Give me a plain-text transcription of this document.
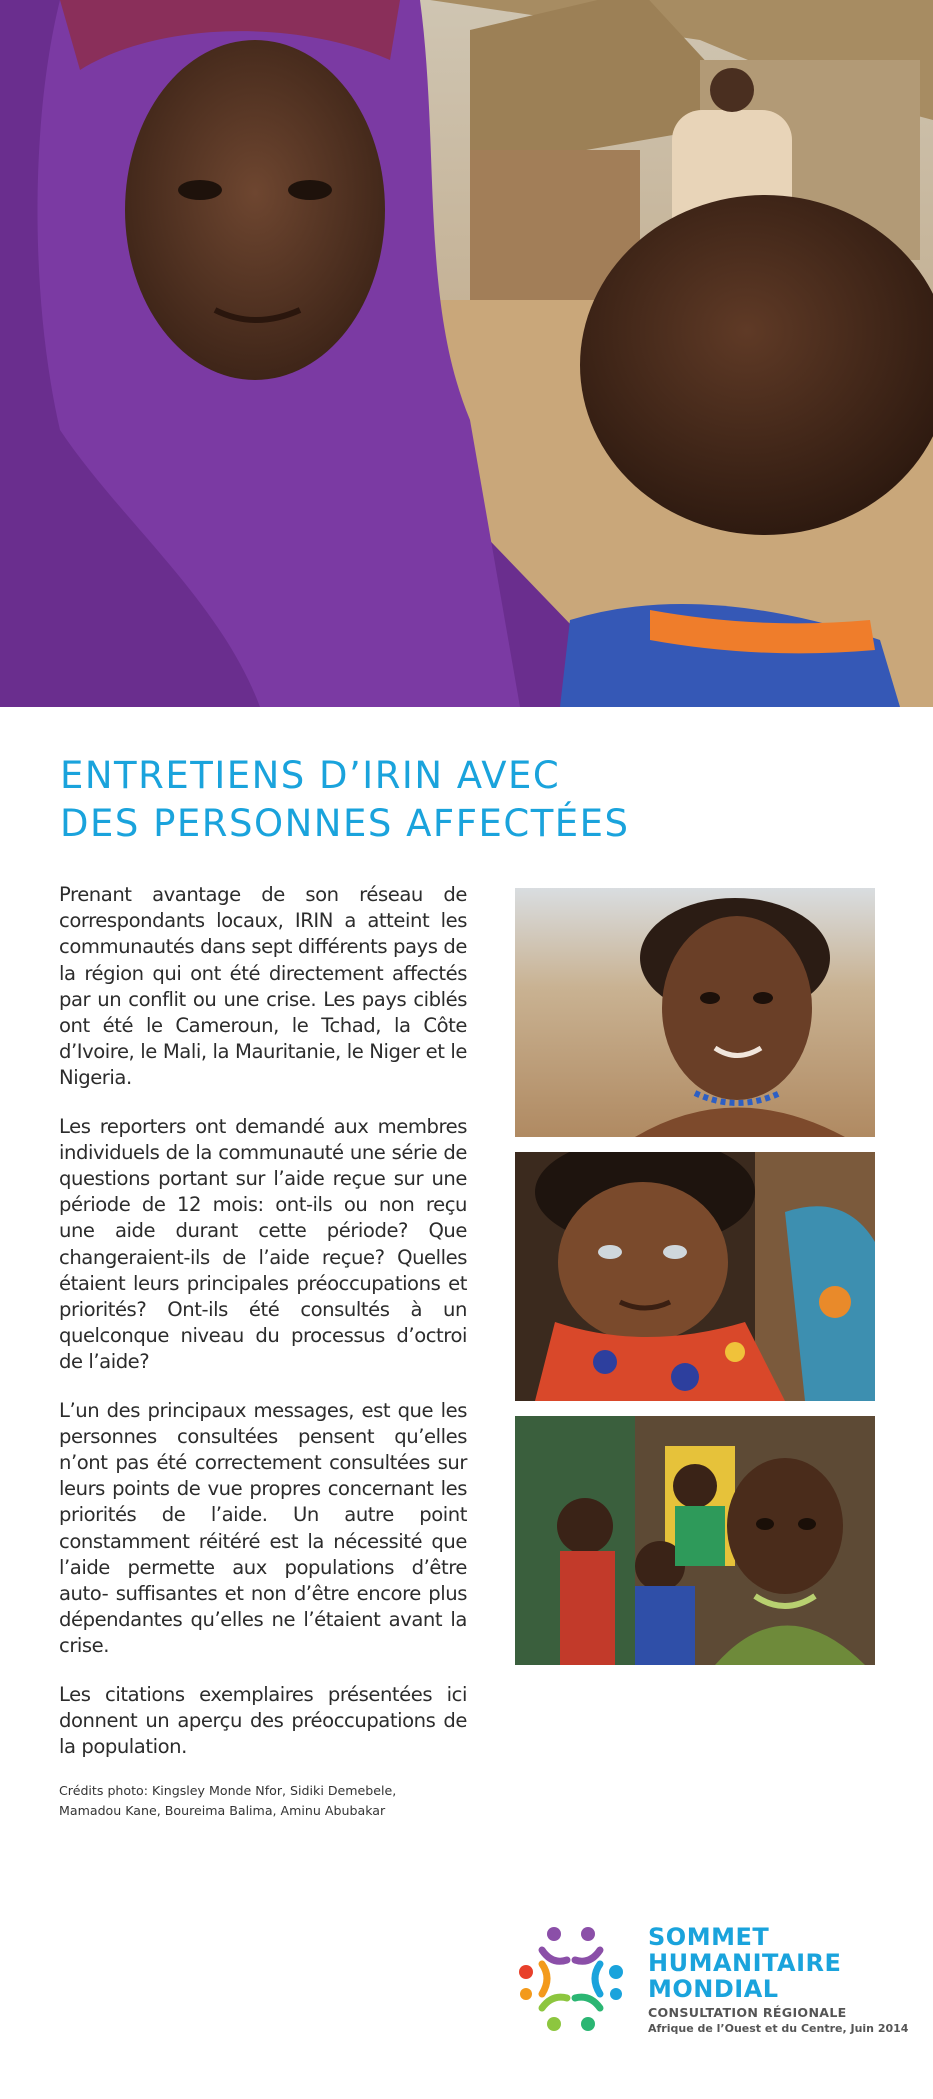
ENTRETIENS D’IRIN AVEC
DES PERSONNES AFFECTÉES

Prenant avantage de son réseau de correspondants locaux, IRIN a atteint les communautés dans sept différents pays de la région qui ont été directement affectés par un conflit ou une crise. Les pays ciblés ont été le Cameroun, le Tchad, la Côte d’Ivoire, le Mali, la Mauritanie, le Niger et le Nigeria.

Les reporters ont demandé aux membres individuels de la communauté une série de questions portant sur l’aide reçue sur une période de 12 mois: ont-ils ou non reçu une aide durant cette période? Que changeraient-ils de l’aide reçue? Quelles étaient leurs principales préoccupations et priorités? Ont-ils été consultés à un quelconque niveau du processus d’octroi de l’aide?

L’un des principaux messages, est que les personnes consultées pensent qu’elles n’ont pas été correctement consultées sur leurs points de vue propres concernant les priorités de l’aide. Un autre point constamment réitéré est la nécessité que l’aide permette aux populations d’être auto- suffisantes et non d’être encore plus dépendantes qu’elles ne l’étaient avant la crise.

Les citations exemplaires présentées ici donnent un aperçu des préoccupations de la population.

Crédits photo: Kingsley Monde Nfor, Sidiki Demebele,
Mamadou Kane, Boureima Balima, Aminu Abubakar
SOMMET
HUMANITAIRE
MONDIAL
CONSULTATION RÉGIONALE
Afrique de l’Ouest et du Centre, Juin 2014
